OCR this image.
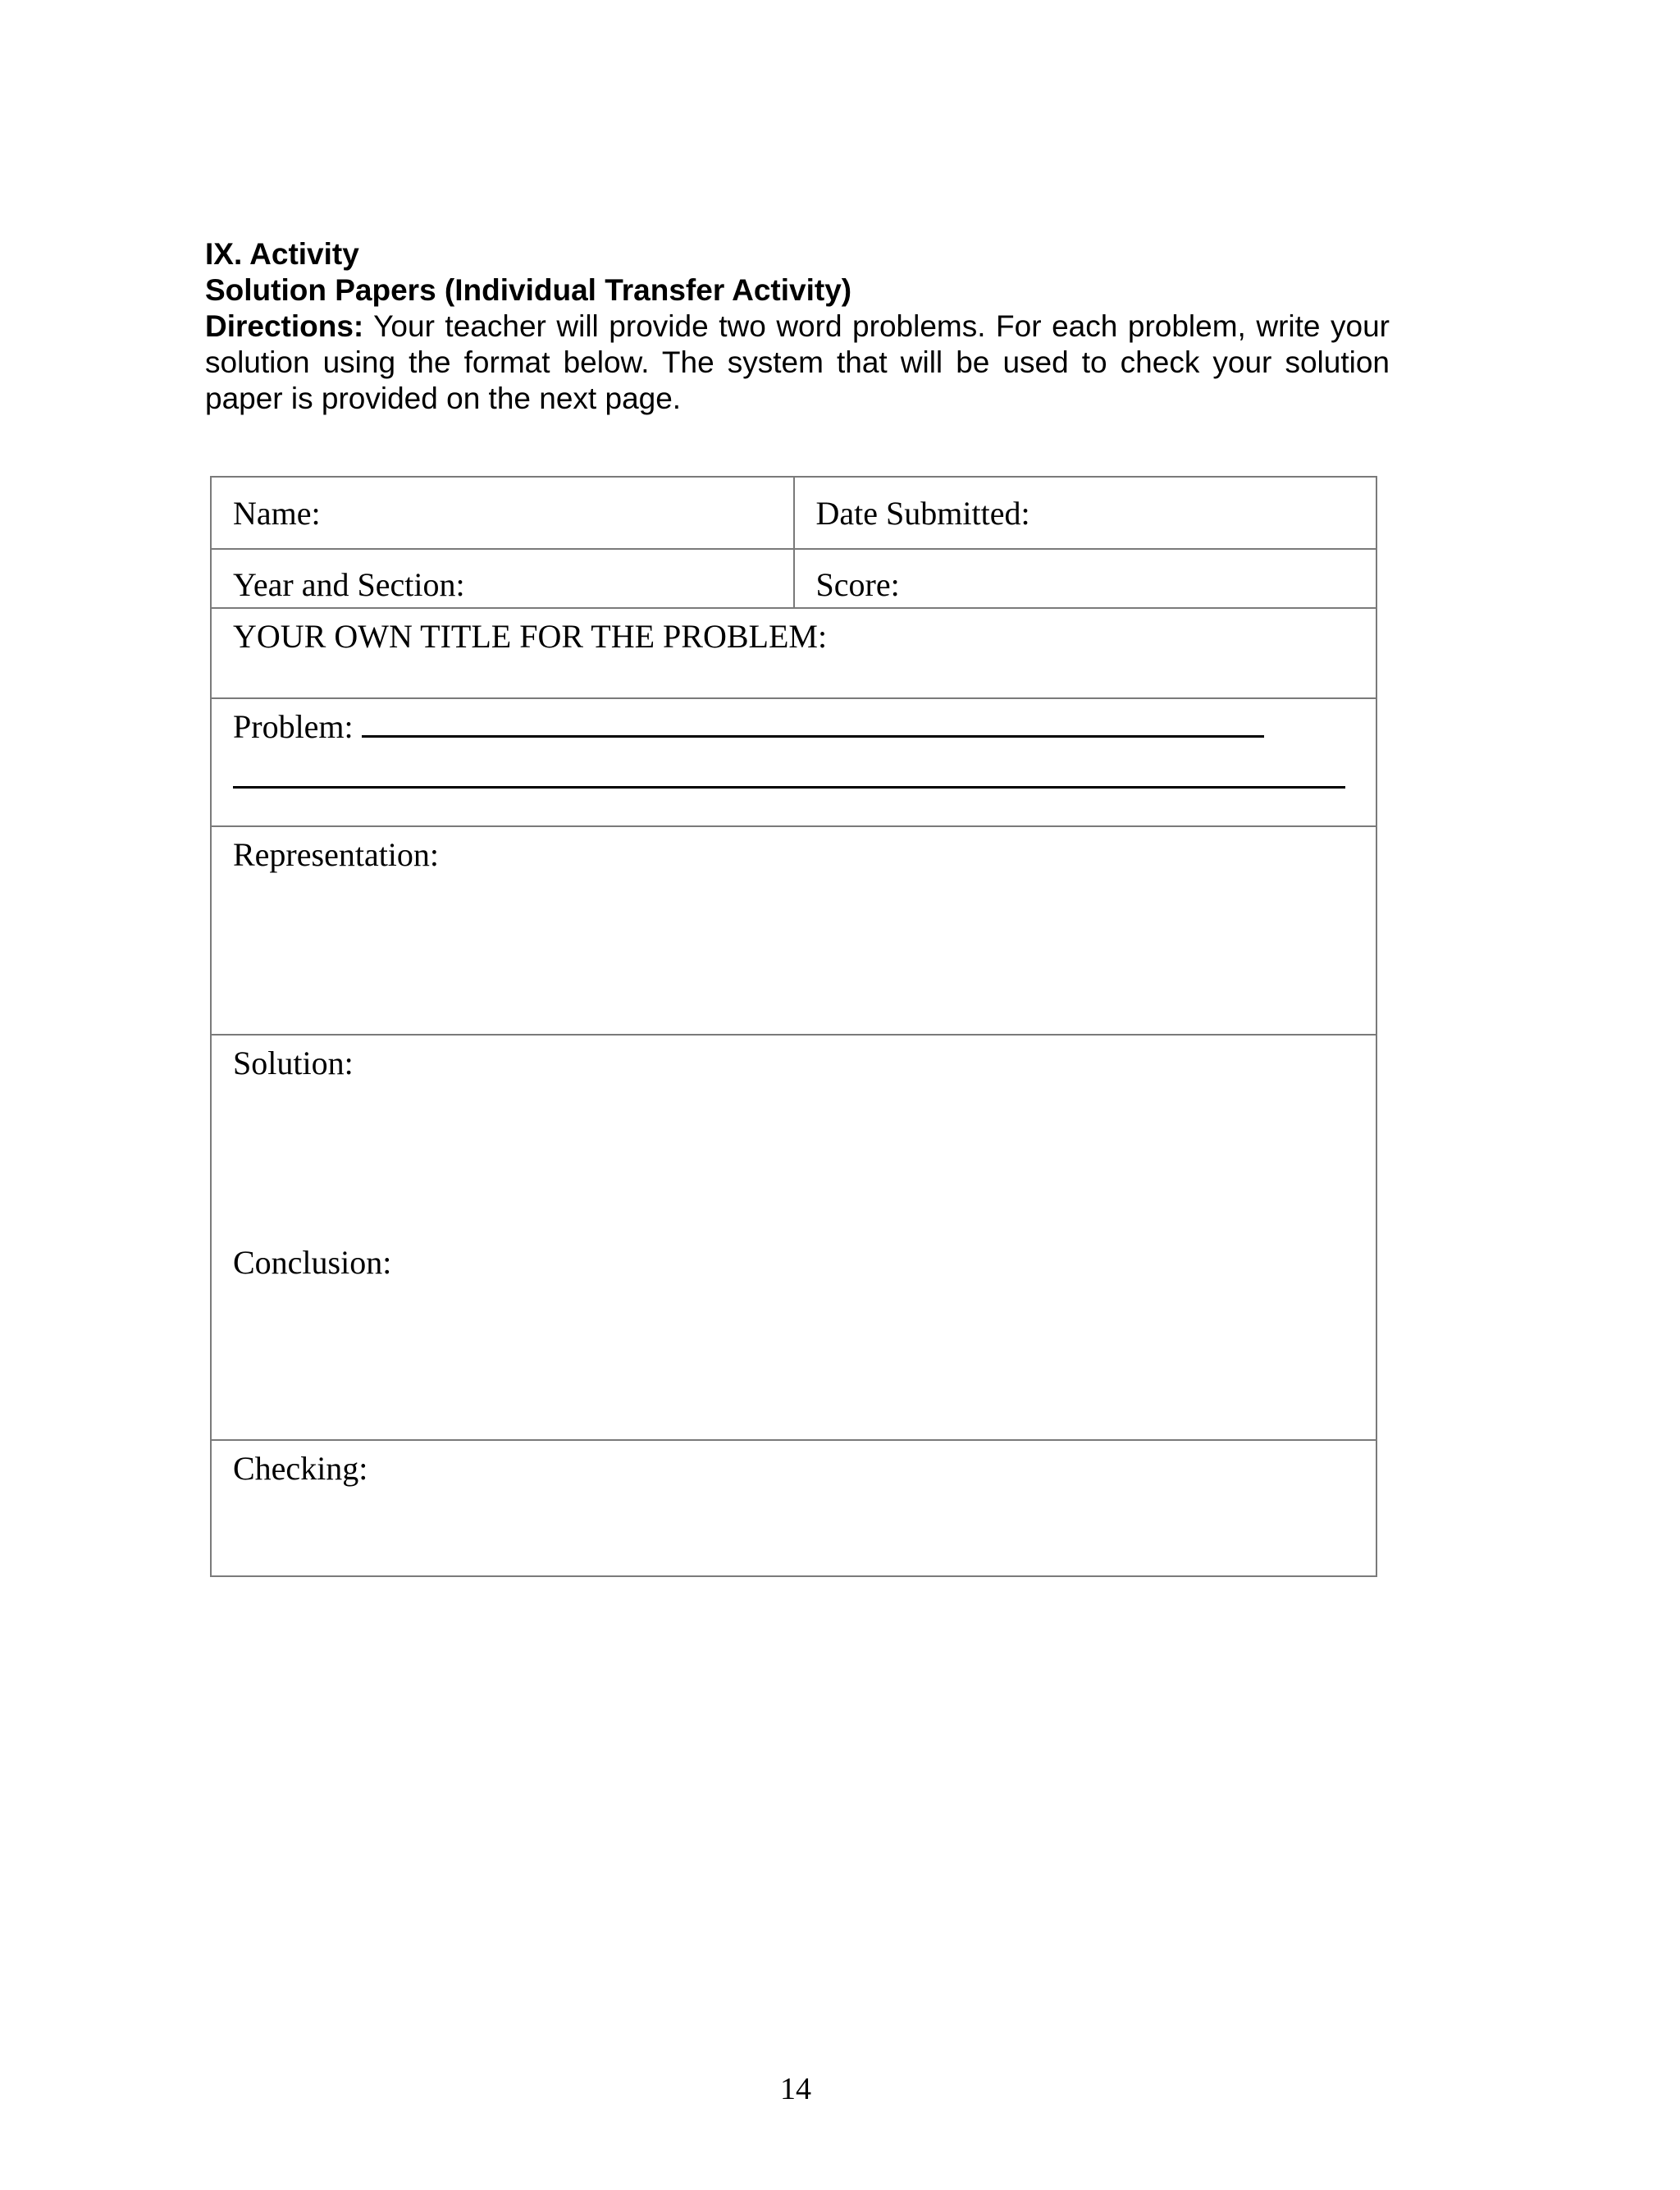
IX. Activity
Solution Papers (Individual Transfer Activity)
Directions: Your teacher will provide two word problems. For each problem, write your solution using the format below. The system that will be used to check your solution paper is provided on the next page.
Name:	Date Submitted:
Year and Section:	Score:
YOUR OWN TITLE FOR THE PROBLEM:	
Problem:	

Representation:	

Solution:
Conclusion:	

Checking:	
14
